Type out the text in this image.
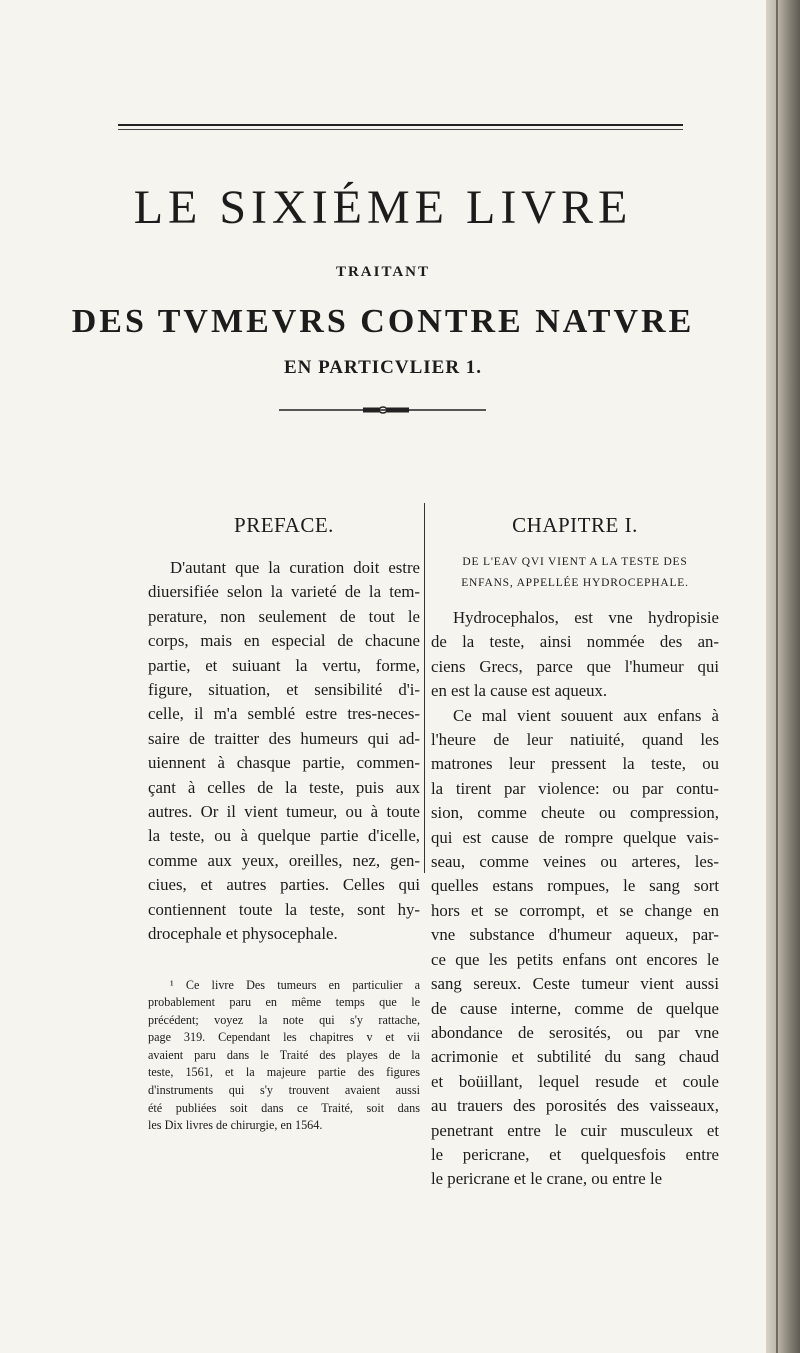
LE SIXIÉME LIVRE
TRAITANT
DES TVMEVRS CONTRE NATVRE
EN PARTICVLIER 1.
PREFACE.
D'autant que la curation doit estre
diuersifiée selon la varieté de la tem-
perature, non seulement de tout le
corps, mais en especial de chacune
partie, et suiuant la vertu, forme,
figure, situation, et sensibilité d'i-
celle, il m'a semblé estre tres-neces-
saire de traitter des humeurs qui ad-
uiennent à chasque partie, commen-
çant à celles de la teste, puis aux
autres. Or il vient tumeur, ou à toute
la teste, ou à quelque partie d'icelle,
comme aux yeux, oreilles, nez, gen-
ciues, et autres parties. Celles qui
contiennent toute la teste, sont hy-
drocephale et physocephale.
¹ Ce livre Des tumeurs en particulier a
probablement paru en même temps que le
précédent; voyez la note qui s'y rattache,
page 319. Cependant les chapitres v et vii
avaient paru dans le Traité des playes de la
teste, 1561, et la majeure partie des figures
d'instruments qui s'y trouvent avaient aussi
été publiées soit dans ce Traité, soit dans
les Dix livres de chirurgie, en 1564.
CHAPITRE I.
DE L'EAV QVI VIENT A LA TESTE DES
ENFANS, APPELLÉE HYDROCEPHALE.
Hydrocephalos, est vne hydropisie
de la teste, ainsi nommée des an-
ciens Grecs, parce que l'humeur qui
en est la cause est aqueux.
Ce mal vient souuent aux enfans à
l'heure de leur natiuité, quand les
matrones leur pressent la teste, ou
la tirent par violence: ou par contu-
sion, comme cheute ou compression,
qui est cause de rompre quelque vais-
seau, comme veines ou arteres, les-
quelles estans rompues, le sang sort
hors et se corrompt, et se change en
vne substance d'humeur aqueux, par-
ce que les petits enfans ont encores le
sang sereux. Ceste tumeur vient aussi
de cause interne, comme de quelque
abondance de serosités, ou par vne
acrimonie et subtilité du sang chaud
et boüillant, lequel resude et coule
au trauers des porosités des vaisseaux,
penetrant entre le cuir musculeux et
le pericrane, et quelquesfois entre
le pericrane et le crane, ou entre le
